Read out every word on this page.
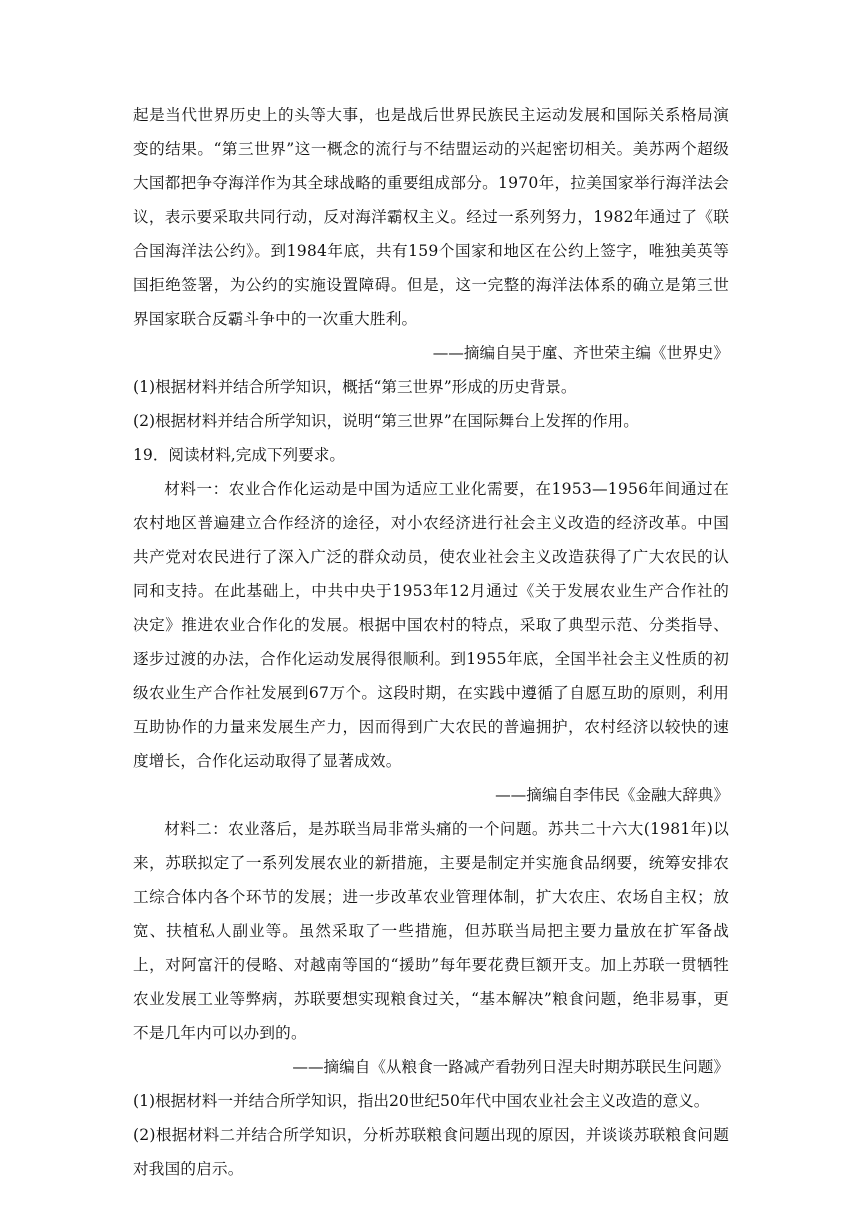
起是当代世界历史上的头等大事，也是战后世界民族民主运动发展和国际关系格局演变的结果。“第三世界”这一概念的流行与不结盟运动的兴起密切相关。美苏两个超级大国都把争夺海洋作为其全球战略的重要组成部分。1970年，拉美国家举行海洋法会议，表示要采取共同行动，反对海洋霸权主义。经过一系列努力，1982年通过了《联合国海洋法公约》。到1984年底，共有159个国家和地区在公约上签字，唯独美英等国拒绝签署，为公约的实施设置障碍。但是，这一完整的海洋法体系的确立是第三世界国家联合反霸斗争中的一次重大胜利。

——摘编自吴于廑、齐世荣主编《世界史》

(1)根据材料并结合所学知识，概括“第三世界”形成的历史背景。

(2)根据材料并结合所学知识，说明“第三世界”在国际舞台上发挥的作用。

19．阅读材料,完成下列要求。

材料一：农业合作化运动是中国为适应工业化需要，在1953—1956年间通过在农村地区普遍建立合作经济的途径，对小农经济进行社会主义改造的经济改革。中国共产党对农民进行了深入广泛的群众动员，使农业社会主义改造获得了广大农民的认同和支持。在此基础上，中共中央于1953年12月通过《关于发展农业生产合作社的决定》推进农业合作化的发展。根据中国农村的特点，采取了典型示范、分类指导、逐步过渡的办法，合作化运动发展得很顺利。到1955年底，全国半社会主义性质的初级农业生产合作社发展到67万个。这段时期，在实践中遵循了自愿互助的原则，利用互助协作的力量来发展生产力，因而得到广大农民的普遍拥护，农村经济以较快的速度增长，合作化运动取得了显著成效。

——摘编自李伟民《金融大辞典》

材料二：农业落后，是苏联当局非常头痛的一个问题。苏共二十六大(1981年)以来，苏联拟定了一系列发展农业的新措施，主要是制定并实施食品纲要，统筹安排农工综合体内各个环节的发展；进一步改革农业管理体制，扩大农庄、农场自主权；放宽、扶植私人副业等。虽然采取了一些措施，但苏联当局把主要力量放在扩军备战上，对阿富汗的侵略、对越南等国的“援助”每年要花费巨额开支。加上苏联一贯牺牲农业发展工业等弊病，苏联要想实现粮食过关，“基本解决”粮食问题，绝非易事，更不是几年内可以办到的。

——摘编自《从粮食一路减产看勃列日涅夫时期苏联民生问题》

(1)根据材料一并结合所学知识，指出20世纪50年代中国农业社会主义改造的意义。

(2)根据材料二并结合所学知识，分析苏联粮食问题出现的原因，并谈谈苏联粮食问题对我国的启示。
